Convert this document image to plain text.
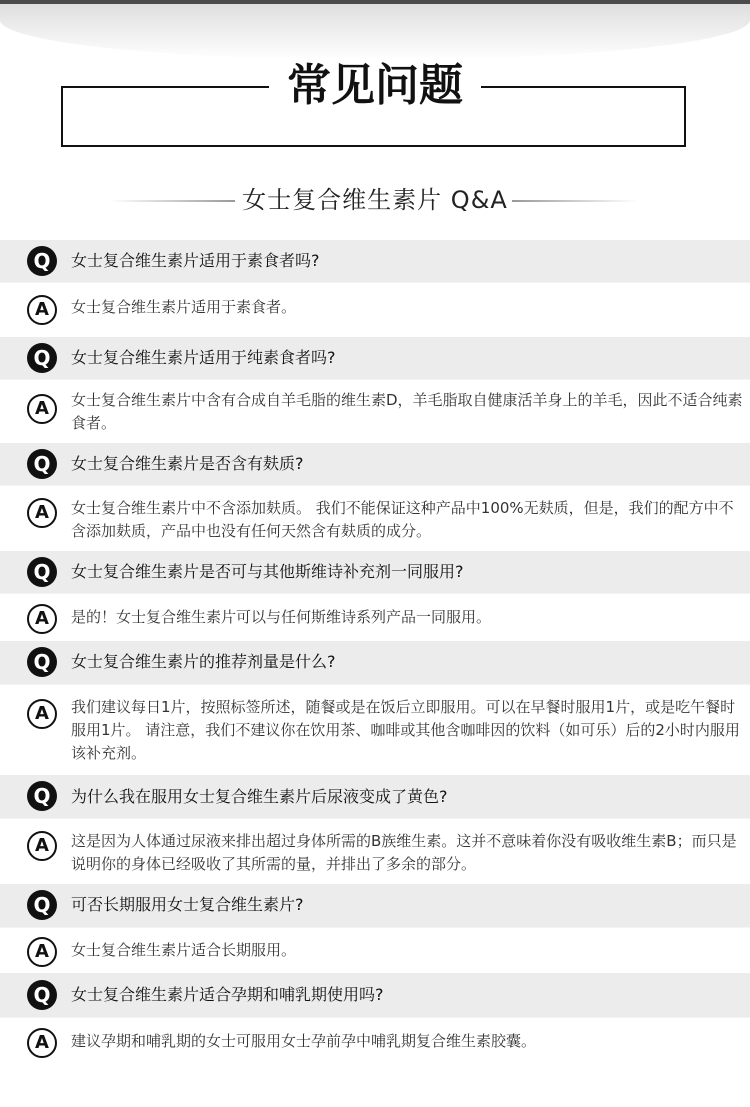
常见问题
女士复合维生素片 Q&A
Q	女士复合维生素片适用于素食者吗?
A	女士复合维生素片适用于素食者。
Q	女士复合维生素片适用于纯素食者吗?
A	女士复合维生素片中含有合成自羊毛脂的维生素D，羊毛脂取自健康活羊身上的羊毛，因此不适合纯素食者。
Q	女士复合维生素片是否含有麸质?
A	女士复合维生素片中不含添加麸质。 我们不能保证这种产品中100%无麸质，但是，我们的配方中不含添加麸质，产品中也没有任何天然含有麸质的成分。
Q	女士复合维生素片是否可与其他斯维诗补充剂一同服用?
A	是的！女士复合维生素片可以与任何斯维诗系列产品一同服用。
Q	女士复合维生素片的推荐剂量是什么?
A	我们建议每日1片，按照标签所述，随餐或是在饭后立即服用。可以在早餐时服用1片，或是吃午餐时服用1片。 请注意，我们不建议你在饮用茶、咖啡或其他含咖啡因的饮料（如可乐）后的2小时内服用该补充剂。
Q	为什么我在服用女士复合维生素片后尿液变成了黄色?
A	这是因为人体通过尿液来排出超过身体所需的B族维生素。这并不意味着你没有吸收维生素B；而只是说明你的身体已经吸收了其所需的量，并排出了多余的部分。
Q	可否长期服用女士复合维生素片?
A	女士复合维生素片适合长期服用。
Q	女士复合维生素片适合孕期和哺乳期使用吗?
A	建议孕期和哺乳期的女士可服用女士孕前孕中哺乳期复合维生素胶囊。
